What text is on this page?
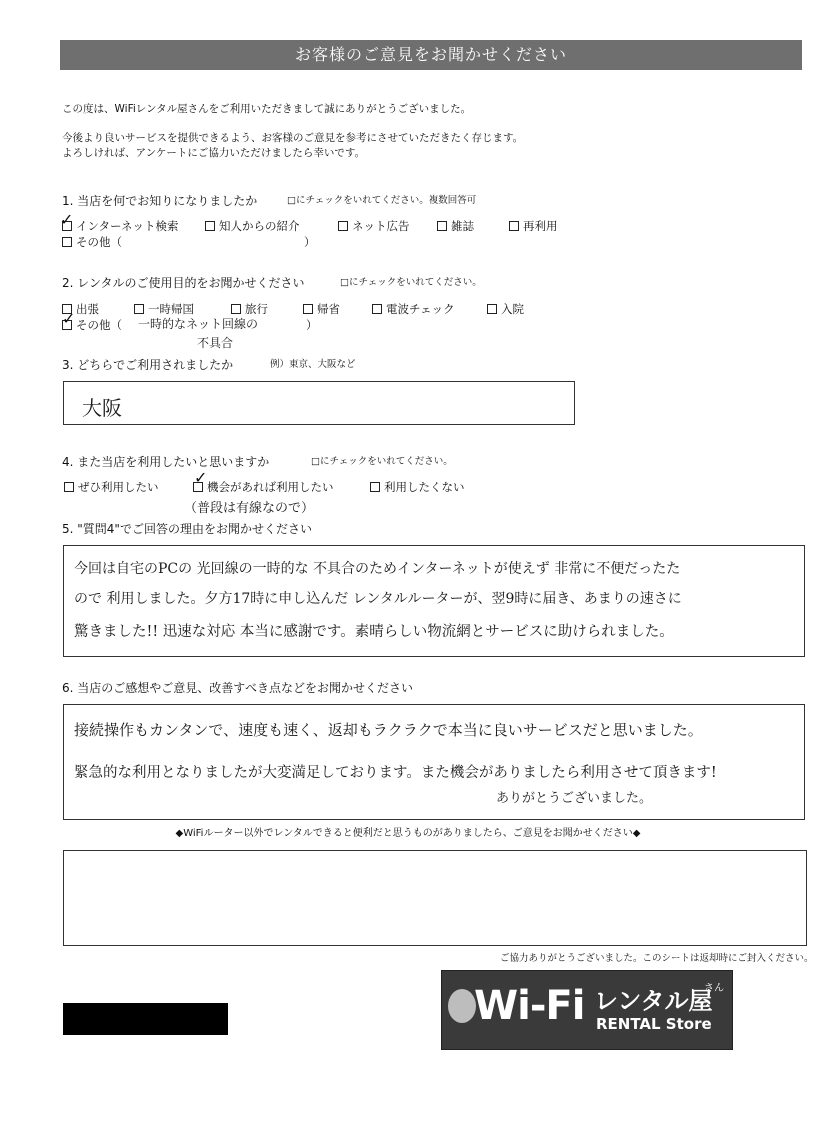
お客様のご意見をお聞かせください
この度は、WiFiレンタル屋さんをご利用いただきまして誠にありがとうございました。
今後より良いサービスを提供できるよう、お客様のご意見を参考にさせていただきたく存じます。
よろしければ、アンケートにご協力いただけましたら幸いです。
1. 当店を何でお知りになりましたか	□にチェックをいれてください。複数回答可
インターネット検索
✓	知人からの紹介	ネット広告	雑誌	再利用
その他（	）
2. レンタルのご使用目的をお聞かせください	□にチェックをいれてください。
出張	一時帰国	旅行	帰省	電波チェック	入院
その他（
✓	一時的なネット回線の	）
不具合
3. どちらでご利用されましたか	例）東京、大阪など
大阪
4. また当店を利用したいと思いますか	□にチェックをいれてください。
ぜひ利用したい	機会があれば利用したい
✓	利用したくない
（普段は有線なので）
5. "質問4"でご回答の理由をお聞かせください
今回は自宅のPCの 光回線の一時的な 不具合のためインターネットが使えず 非常に不便だったた
ので 利用しました。夕方17時に申し込んだ レンタルルーターが、翌9時に届き、あまりの速さに
驚きました!! 迅速な対応 本当に感謝です。素晴らしい物流網とサービスに助けられました。
6. 当店のご感想やご意見、改善すべき点などをお聞かせください
接続操作もカンタンで、速度も速く、返却もラクラクで本当に良いサービスだと思いました。
緊急的な利用となりましたが大変満足しております。また機会がありましたら利用させて頂きます!
ありがとうございました。
◆WiFiルーター以外でレンタルできると便利だと思うものがありましたら、ご意見をお聞かせください◆
ご協力ありがとうございました。このシートは返却時にご封入ください。
Wi-Fi レンタル屋
さん
RENTAL Store
